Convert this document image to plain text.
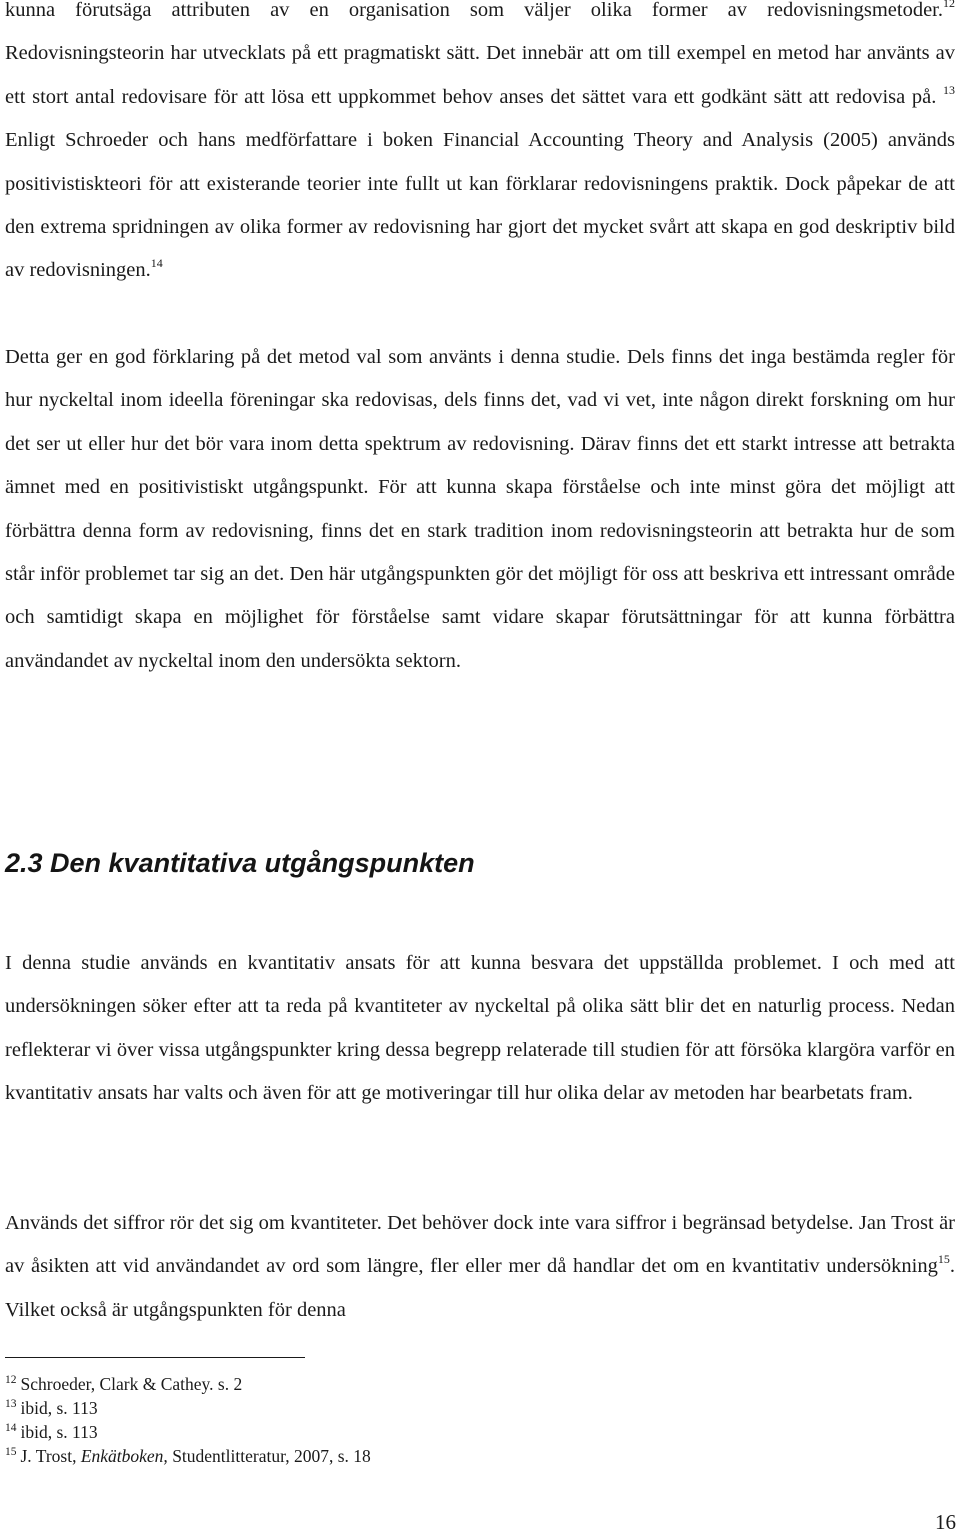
kunna förutsäga attributen av en organisation som väljer olika former av redovisningsmetoder.$^{12}$ Redovisningsteorin har utvecklats på ett pragmatiskt sätt. Det innebär att om till exempel en metod har använts av ett stort antal redovisare för att lösa ett uppkommet behov anses det sättet vara ett godkänt sätt att redovisa på. $^{13}$ Enligt Schroeder och hans medförfattare i boken Financial Accounting Theory and Analysis (2005) används positivistiskteori för att existerande teorier inte fullt ut kan förklarar redovisningens praktik. Dock påpekar de att den extrema spridningen av olika former av redovisning har gjort det mycket svårt att skapa en god deskriptiv bild av redovisningen.$^{14}$

Detta ger en god förklaring på det metod val som använts i denna studie. Dels finns det inga bestämda regler för hur nyckeltal inom ideella föreningar ska redovisas, dels finns det, vad vi vet, inte någon direkt forskning om hur det ser ut eller hur det bör vara inom detta spektrum av redovisning. Därav finns det ett starkt intresse att betrakta ämnet med en positivistiskt utgångspunkt. För att kunna skapa förståelse och inte minst göra det möjligt att förbättra denna form av redovisning, finns det en stark tradition inom redovisningsteorin att betrakta hur de som står inför problemet tar sig an det. Den här utgångspunkten gör det möjligt för oss att beskriva ett intressant område och samtidigt skapa en möjlighet för förståelse samt vidare skapar förutsättningar för att kunna förbättra användandet av nyckeltal inom den undersökta sektorn.

2.3 Den kvantitativa utgångspunkten

I denna studie används en kvantitativ ansats för att kunna besvara det uppställda problemet. I och med att undersökningen söker efter att ta reda på kvantiteter av nyckeltal på olika sätt blir det en naturlig process. Nedan reflekterar vi över vissa utgångspunkter kring dessa begrepp relaterade till studien för att försöka klargöra varför en kvantitativ ansats har valts och även för att ge motiveringar till hur olika delar av metoden har bearbetats fram.

Används det siffror rör det sig om kvantiteter. Det behöver dock inte vara siffror i begränsad betydelse. Jan Trost är av åsikten att vid användandet av ord som längre, fler eller mer då handlar det om en kvantitativ undersökning$^{15}$. Vilket också är utgångspunkten för denna

$^{12}$ Schroeder, Clark & Cathey. s. 2
$^{13}$ ibid, s. 113
$^{14}$ ibid, s. 113
$^{15}$ J. Trost, Enkätboken, Studentlitteratur, 2007, s. 18
16
